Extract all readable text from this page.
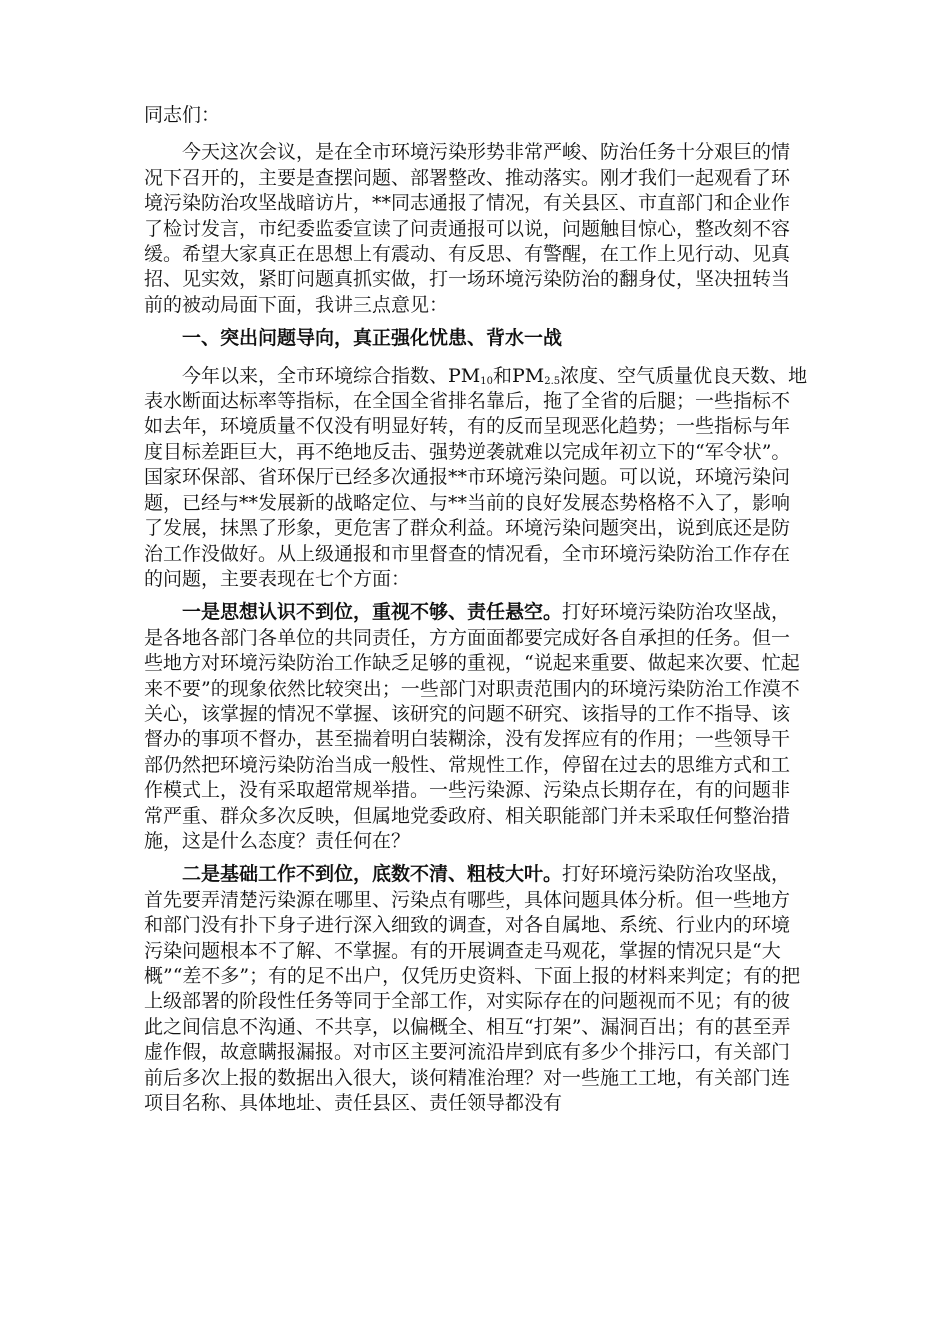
同志们：

今天这次会议，是在全市环境污染形势非常严峻、防治任务十分艰巨的情况下召开的，主要是查摆问题、部署整改、推动落实。刚才我们一起观看了环境污染防治攻坚战暗访片，**同志通报了情况，有关县区、市直部门和企业作了检讨发言，市纪委监委宣读了问责通报可以说，问题触目惊心，整改刻不容缓。希望大家真正在思想上有震动、有反思、有警醒，在工作上见行动、见真招、见实效，紧盯问题真抓实做，打一场环境污染防治的翻身仗，坚决扭转当前的被动局面下面，我讲三点意见：

一、突出问题导向，真正强化忧患、背水一战

今年以来，全市环境综合指数、$PM_{10}$和$PM_{2.5}$浓度、空气质量优良天数、地表水断面达标率等指标，在全国全省排名靠后，拖了全省的后腿；一些指标不如去年，环境质量不仅没有明显好转，有的反而呈现恶化趋势；一些指标与年度目标差距巨大，再不绝地反击、强势逆袭就难以完成年初立下的“军令状”。国家环保部、省环保厅已经多次通报**市环境污染问题。可以说，环境污染问题，已经与**发展新的战略定位、与**当前的良好发展态势格格不入了，影响了发展，抹黑了形象，更危害了群众利益。环境污染问题突出，说到底还是防治工作没做好。从上级通报和市里督查的情况看，全市环境污染防治工作存在的问题，主要表现在七个方面：

一是思想认识不到位，重视不够、责任悬空。打好环境污染防治攻坚战，是各地各部门各单位的共同责任，方方面面都要完成好各自承担的任务。但一些地方对环境污染防治工作缺乏足够的重视，“说起来重要、做起来次要、忙起来不要”的现象依然比较突出；一些部门对职责范围内的环境污染防治工作漠不关心，该掌握的情况不掌握、该研究的问题不研究、该指导的工作不指导、该督办的事项不督办，甚至揣着明白装糊涂，没有发挥应有的作用；一些领导干部仍然把环境污染防治当成一般性、常规性工作，停留在过去的思维方式和工作模式上，没有采取超常规举措。一些污染源、污染点长期存在，有的问题非常严重、群众多次反映，但属地党委政府、相关职能部门并未采取任何整治措施，这是什么态度？责任何在？

二是基础工作不到位，底数不清、粗枝大叶。打好环境污染防治攻坚战，首先要弄清楚污染源在哪里、污染点有哪些，具体问题具体分析。但一些地方和部门没有扑下身子进行深入细致的调查，对各自属地、系统、行业内的环境污染问题根本不了解、不掌握。有的开展调查走马观花，掌握的情况只是“大概”“差不多”；有的足不出户，仅凭历史资料、下面上报的材料来判定；有的把上级部署的阶段性任务等同于全部工作，对实际存在的问题视而不见；有的彼此之间信息不沟通、不共享，以偏概全、相互“打架”、漏洞百出；有的甚至弄虚作假，故意瞒报漏报。对市区主要河流沿岸到底有多少个排污口，有关部门前后多次上报的数据出入很大，谈何精准治理？对一些施工工地，有关部门连项目名称、具体地址、责任县区、责任领导都没有
